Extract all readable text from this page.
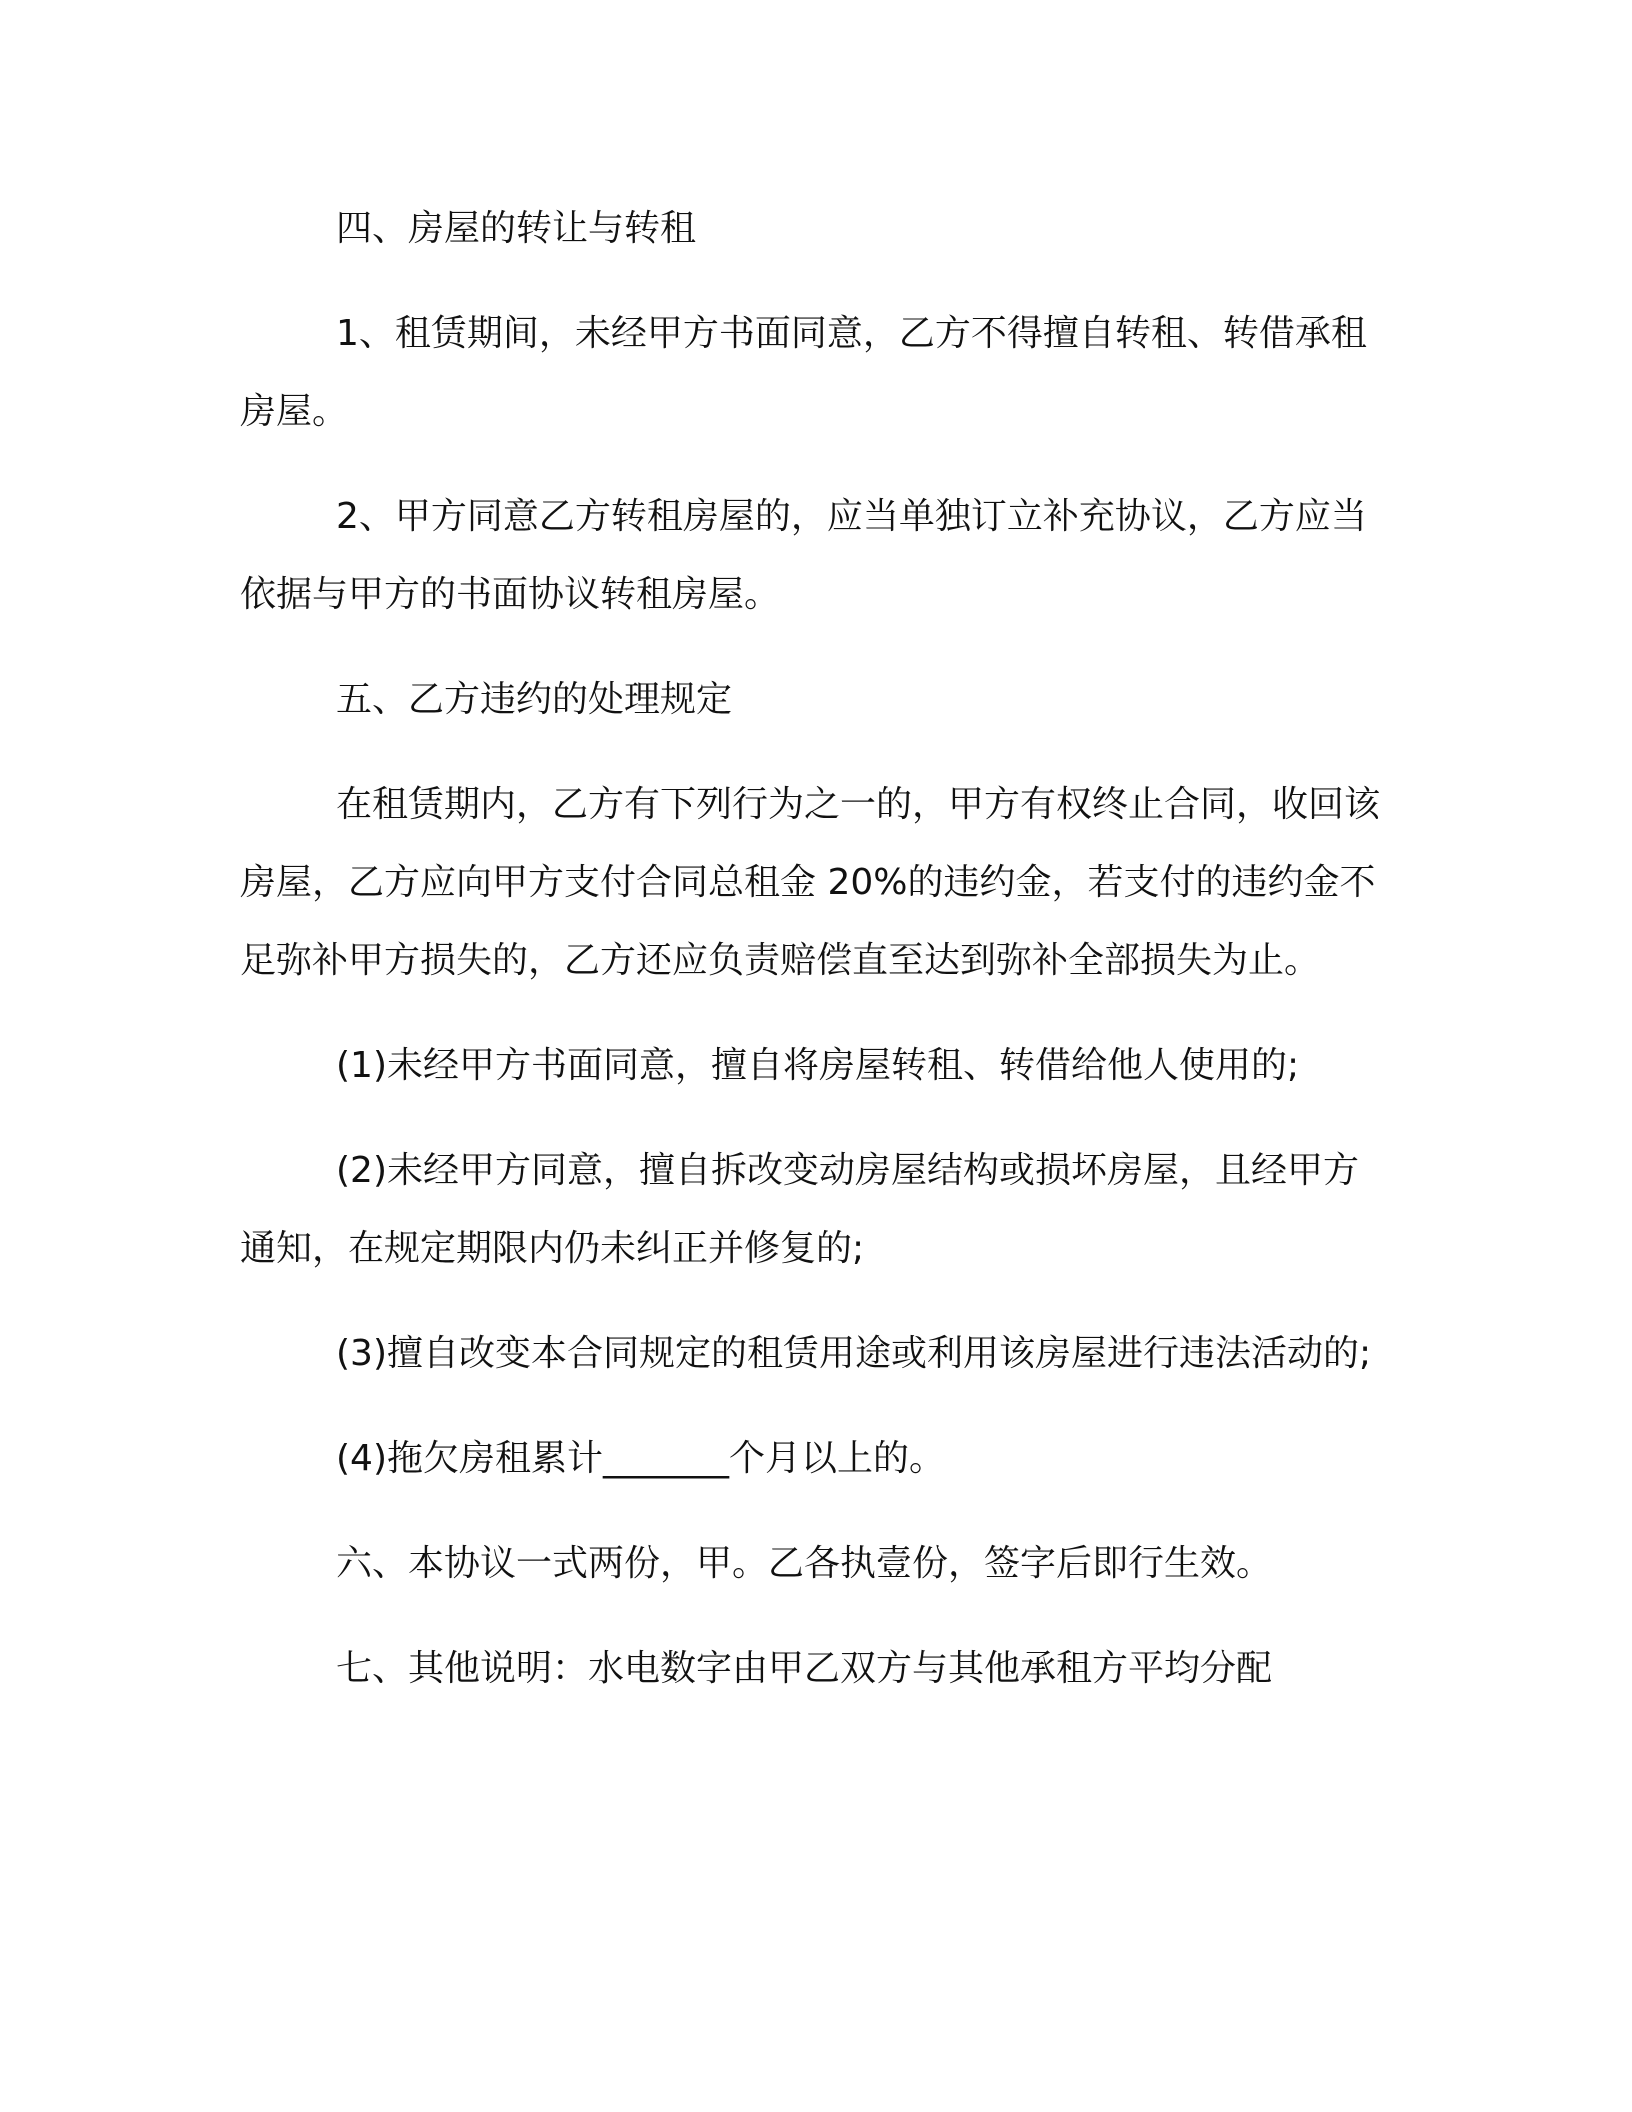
四、房屋的转让与转租

1、租赁期间，未经甲方书面同意，乙方不得擅自转租、转借承租房屋。

2、甲方同意乙方转租房屋的，应当单独订立补充协议，乙方应当依据与甲方的书面协议转租房屋。

五、乙方违约的处理规定

在租赁期内，乙方有下列行为之一的，甲方有权终止合同，收回该房屋，乙方应向甲方支付合同总租金 20%的违约金，若支付的违约金不足弥补甲方损失的，乙方还应负责赔偿直至达到弥补全部损失为止。

(1)未经甲方书面同意，擅自将房屋转租、转借给他人使用的;

(2)未经甲方同意，擅自拆改变动房屋结构或损坏房屋，且经甲方通知，在规定期限内仍未纠正并修复的;

(3)擅自改变本合同规定的租赁用途或利用该房屋进行违法活动的;

(4)拖欠房租累计_______个月以上的。

六、本协议一式两份，甲。乙各执壹份，签字后即行生效。

七、其他说明：水电数字由甲乙双方与其他承租方平均分配
